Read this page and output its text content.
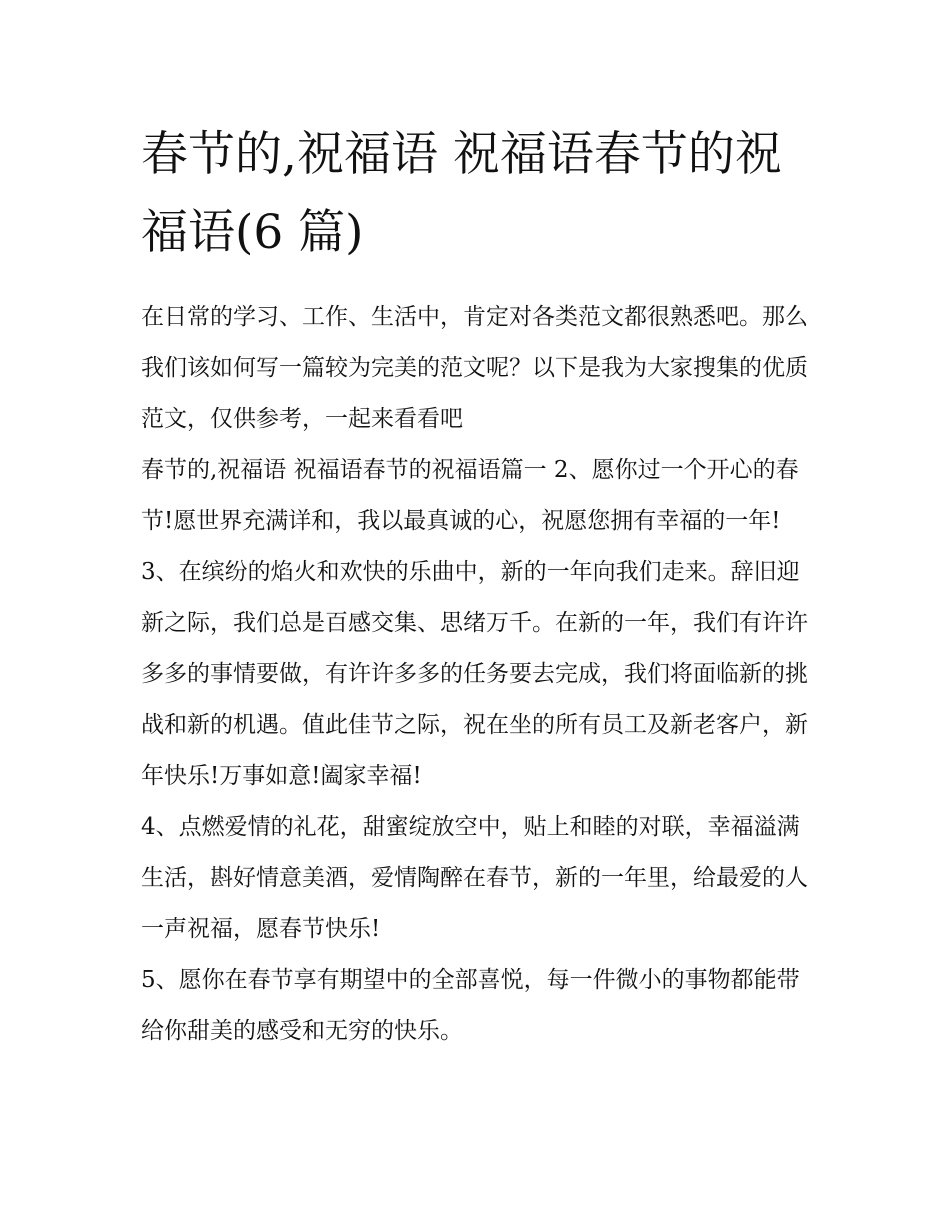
春节的,祝福语 祝福语春节的祝福语(6 篇)

在日常的学习、工作、生活中，肯定对各类范文都很熟悉吧。那么我们该如何写一篇较为完美的范文呢？以下是我为大家搜集的优质范文，仅供参考，一起来看看吧

春节的,祝福语 祝福语春节的祝福语篇一 2、愿你过一个开心的春节!愿世界充满详和，我以最真诚的心，祝愿您拥有幸福的一年!

3、在缤纷的焰火和欢快的乐曲中，新的一年向我们走来。辞旧迎新之际，我们总是百感交集、思绪万千。在新的一年，我们有许许多多的事情要做，有许许多多的任务要去完成，我们将面临新的挑战和新的机遇。值此佳节之际，祝在坐的所有员工及新老客户，新年快乐!万事如意!阖家幸福!

4、点燃爱情的礼花，甜蜜绽放空中，贴上和睦的对联，幸福溢满生活，斟好情意美酒，爱情陶醉在春节，新的一年里，给最爱的人一声祝福，愿春节快乐!

5、愿你在春节享有期望中的全部喜悦，每一件微小的事物都能带给你甜美的感受和无穷的快乐。
